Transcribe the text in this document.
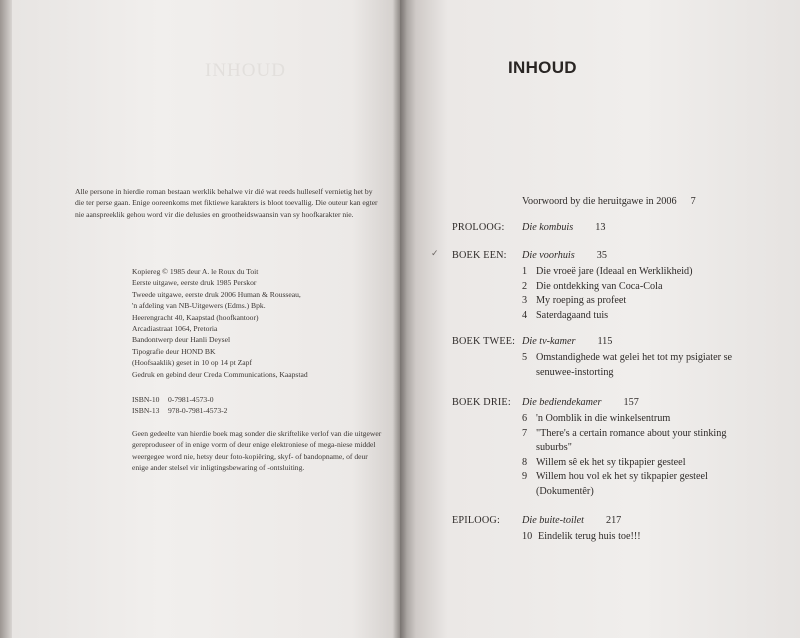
INHOUD
Alle persone in hierdie roman bestaan werklik behalwe vir dié wat reeds hulleself vernietig het by die ter perse gaan. Enige ooreenkoms met fiktiewe karakters is bloot toevallig. Die outeur kan egter nie aanspreeklik gehou word vir die delusies en grootheidswaansin van sy hoofkarakter nie.
Kopiereg © 1985 deur A. le Roux du Toit
Eerste uitgawe, eerste druk 1985 Perskor
Tweede uitgawe, eerste druk 2006 Human & Rousseau,
'n afdeling van NB-Uitgewers (Edms.) Bpk.
Heerengracht 40, Kaapstad (hoofkantoor)
Arcadiastraat 1064, Pretoria
Bandontwerp deur Hanli Deysel
Tipografie deur HOND BK
(Hoofsaaklik) geset in 10 op 14 pt Zapf
Gedruk en gebind deur Creda Communications, Kaapstad
ISBN-10	0-7981-4573-0
ISBN-13	978-0-7981-4573-2
Geen gedeelte van hierdie boek mag sonder die skriftelike verlof van die uitgewer gereproduseer of in enige vorm of deur enige elektroniese of mega-niese middel weergegee word nie, hetsy deur foto-kopiëring, skyf- of bandopname, of deur enige ander stelsel vir inligtingsbewaring of -ontsluiting.
INHOUD
Voorwoord by die heruitgawe in 2006 7
✓
PROLOOG:	Die kombuis 13
BOEK EEN:	Die voorhuis 35
1 Die vroeë jare (Ideaal en Werklikheid)
2 Die ontdekking van Coca-Cola
3 My roeping as profeet
4 Saterdagaand tuis
BOEK TWEE: Die tv-kamer 115
5 Omstandighede wat gelei het tot my psigiater se senuwee-instorting
BOEK DRIE:	Die bediendekamer 157
6 'n Oomblik in die winkelsentrum
7 "There's a certain romance about your stinking suburbs"
8 Willem sê ek het sy tikpapier gesteel
9 Willem hou vol ek het sy tikpapier gesteel (Dokumentêr)
EPILOOG:	Die buite-toilet 217
10 Eindelik terug huis toe!!!
